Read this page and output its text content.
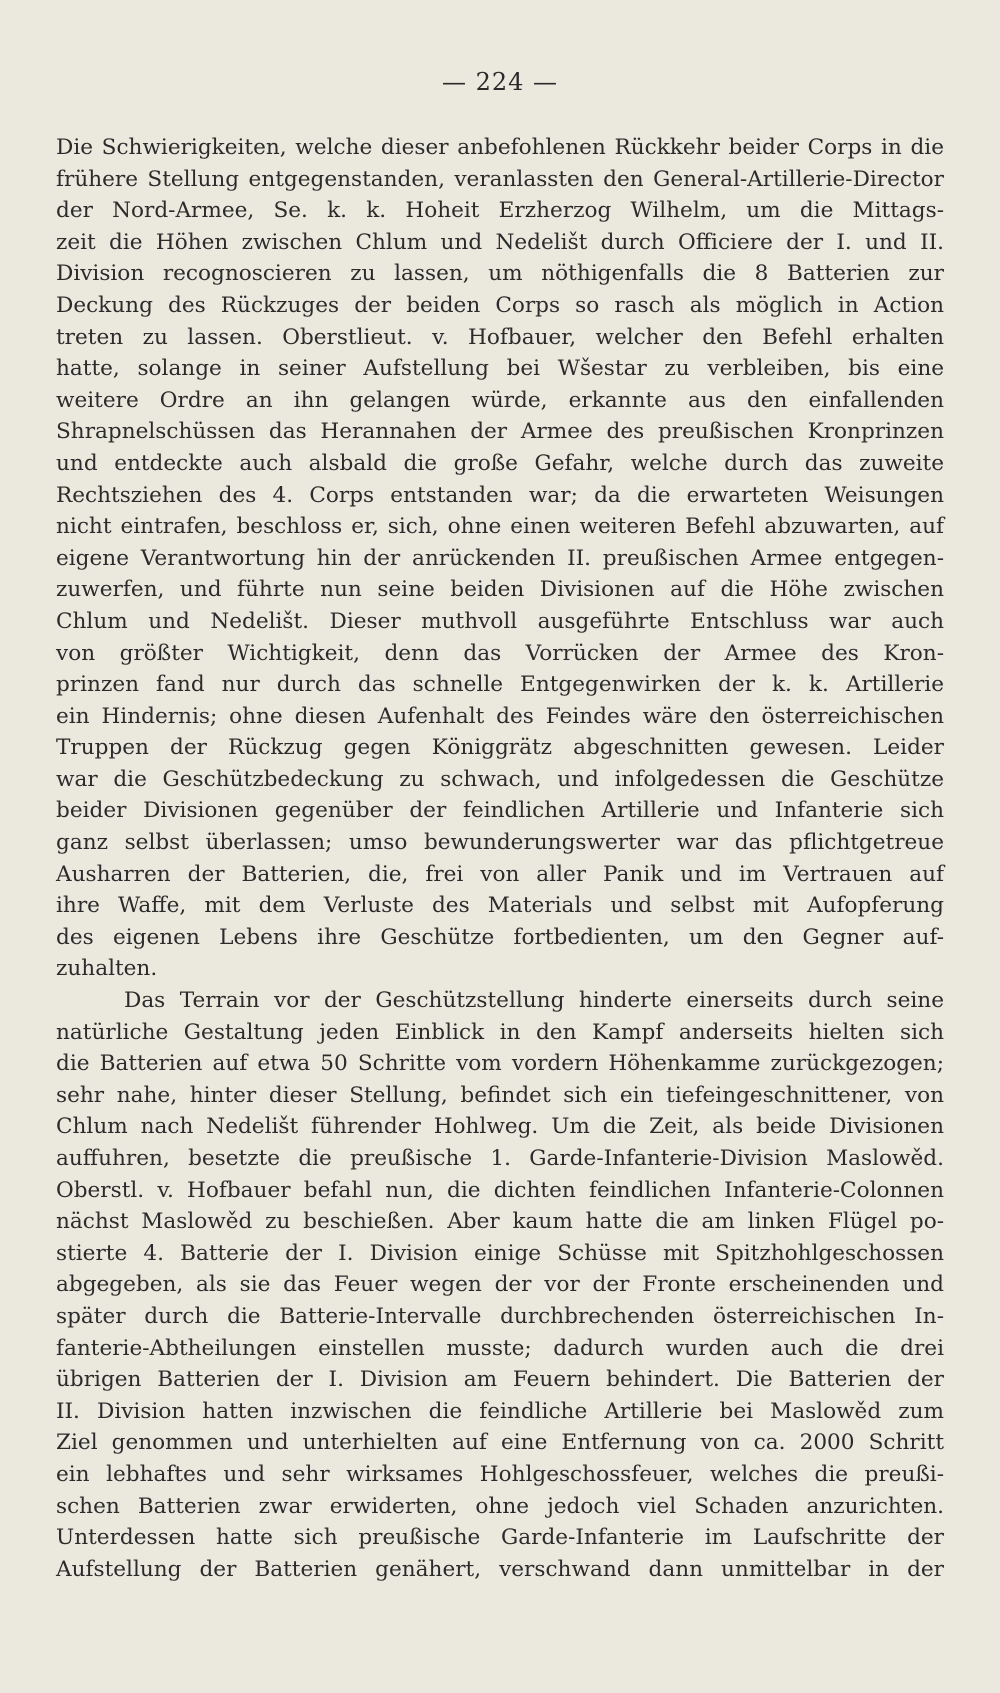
— 224 —
Die Schwierigkeiten, welche dieser anbefohlenen Rückkehr beider Corps in die
frühere Stellung entgegenstanden, veranlassten den General-Artillerie-Director
der Nord-Armee, Se. k. k. Hoheit Erzherzog Wilhelm, um die Mittags-
zeit die Höhen zwischen Chlum und Nedelišt durch Officiere der I. und II.
Division recognoscieren zu lassen, um nöthigenfalls die 8 Batterien zur
Deckung des Rückzuges der beiden Corps so rasch als möglich in Action
treten zu lassen. Oberstlieut. v. Hofbauer, welcher den Befehl erhalten
hatte, solange in seiner Aufstellung bei Wšestar zu verbleiben, bis eine
weitere Ordre an ihn gelangen würde, erkannte aus den einfallenden
Shrapnelschüssen das Herannahen der Armee des preußischen Kronprinzen
und entdeckte auch alsbald die große Gefahr, welche durch das zuweite
Rechtsziehen des 4. Corps entstanden war; da die erwarteten Weisungen
nicht eintrafen, beschloss er, sich, ohne einen weiteren Befehl abzuwarten, auf
eigene Verantwortung hin der anrückenden II. preußischen Armee entgegen-
zuwerfen, und führte nun seine beiden Divisionen auf die Höhe zwischen
Chlum und Nedelišt. Dieser muthvoll ausgeführte Entschluss war auch
von größter Wichtigkeit, denn das Vorrücken der Armee des Kron-
prinzen fand nur durch das schnelle Entgegenwirken der k. k. Artillerie
ein Hindernis; ohne diesen Aufenhalt des Feindes wäre den österreichischen
Truppen der Rückzug gegen Königgrätz abgeschnitten gewesen. Leider
war die Geschützbedeckung zu schwach, und infolgedessen die Geschütze
beider Divisionen gegenüber der feindlichen Artillerie und Infanterie sich
ganz selbst überlassen; umso bewunderungswerter war das pflichtgetreue
Ausharren der Batterien, die, frei von aller Panik und im Vertrauen auf
ihre Waffe, mit dem Verluste des Materials und selbst mit Aufopferung
des eigenen Lebens ihre Geschütze fortbedienten, um den Gegner auf-
zuhalten.
Das Terrain vor der Geschützstellung hinderte einerseits durch seine
natürliche Gestaltung jeden Einblick in den Kampf anderseits hielten sich
die Batterien auf etwa 50 Schritte vom vordern Höhenkamme zurückgezogen;
sehr nahe, hinter dieser Stellung, befindet sich ein tiefeingeschnittener, von
Chlum nach Nedelišt führender Hohlweg. Um die Zeit, als beide Divisionen
auffuhren, besetzte die preußische 1. Garde-Infanterie-Division Maslowěd.
Oberstl. v. Hofbauer befahl nun, die dichten feindlichen Infanterie-Colonnen
nächst Maslowěd zu beschießen. Aber kaum hatte die am linken Flügel po-
stierte 4. Batterie der I. Division einige Schüsse mit Spitzhohlgeschossen
abgegeben, als sie das Feuer wegen der vor der Fronte erscheinenden und
später durch die Batterie-Intervalle durchbrechenden österreichischen In-
fanterie-Abtheilungen einstellen musste; dadurch wurden auch die drei
übrigen Batterien der I. Division am Feuern behindert. Die Batterien der
II. Division hatten inzwischen die feindliche Artillerie bei Maslowěd zum
Ziel genommen und unterhielten auf eine Entfernung von ca. 2000 Schritt
ein lebhaftes und sehr wirksames Hohlgeschossfeuer, welches die preußi-
schen Batterien zwar erwiderten, ohne jedoch viel Schaden anzurichten.
Unterdessen hatte sich preußische Garde-Infanterie im Laufschritte der
Aufstellung der Batterien genähert, verschwand dann unmittelbar in der
